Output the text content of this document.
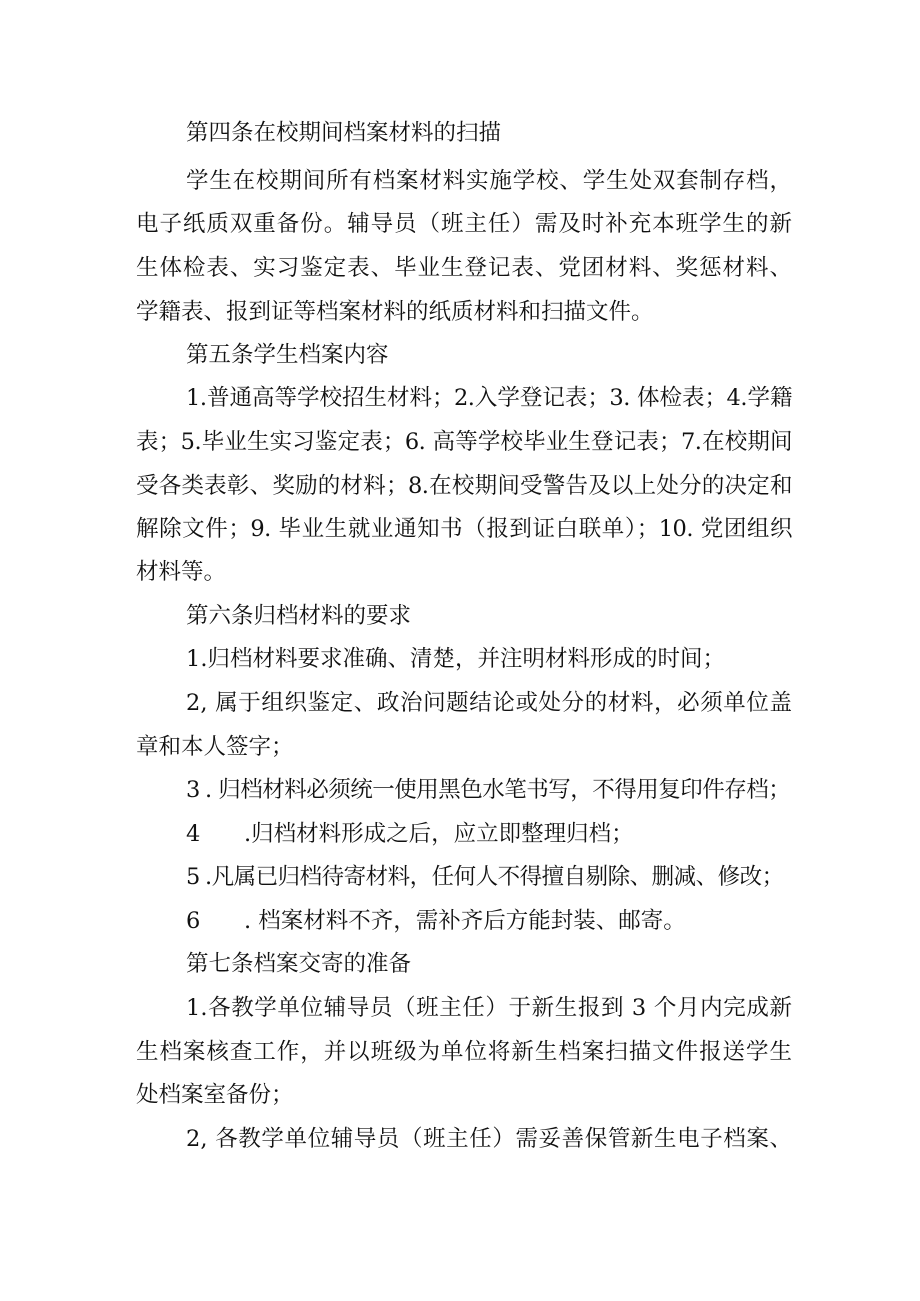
第四条在校期间档案材料的扫描
学生在校期间所有档案材料实施学校、学生处双套制存档，
电子纸质双重备份。辅导员（班主任）需及时补充本班学生的新
生体检表、实习鉴定表、毕业生登记表、党团材料、奖惩材料、
学籍表、报到证等档案材料的纸质材料和扫描文件。
第五条学生档案内容
1.普通高等学校招生材料；2.入学登记表；3. 体检表；4.学籍
表；5.毕业生实习鉴定表；6. 高等学校毕业生登记表；7.在校期间
受各类表彰、奖励的材料；8.在校期间受警告及以上处分的决定和
解除文件；9. 毕业生就业通知书（报到证白联单）；10. 党团组织
材料等。
第六条归档材料的要求
1.归档材料要求准确、清楚，并注明材料形成的时间；
2, 属于组织鉴定、政治问题结论或处分的材料，必须单位盖
章和本人签字；
3 . 归档材料必须统一使用黑色水笔书写，不得用复印件存档；
4	.归档材料形成之后，应立即整理归档；
5 .凡属已归档待寄材料，任何人不得擅自剔除、删减、修改；
6	. 档案材料不齐，需补齐后方能封装、邮寄。
第七条档案交寄的准备
1.各教学单位辅导员（班主任）于新生报到 3 个月内完成新
生档案核查工作，并以班级为单位将新生档案扫描文件报送学生
处档案室备份；
2, 各教学单位辅导员（班主任）需妥善保管新生电子档案、
